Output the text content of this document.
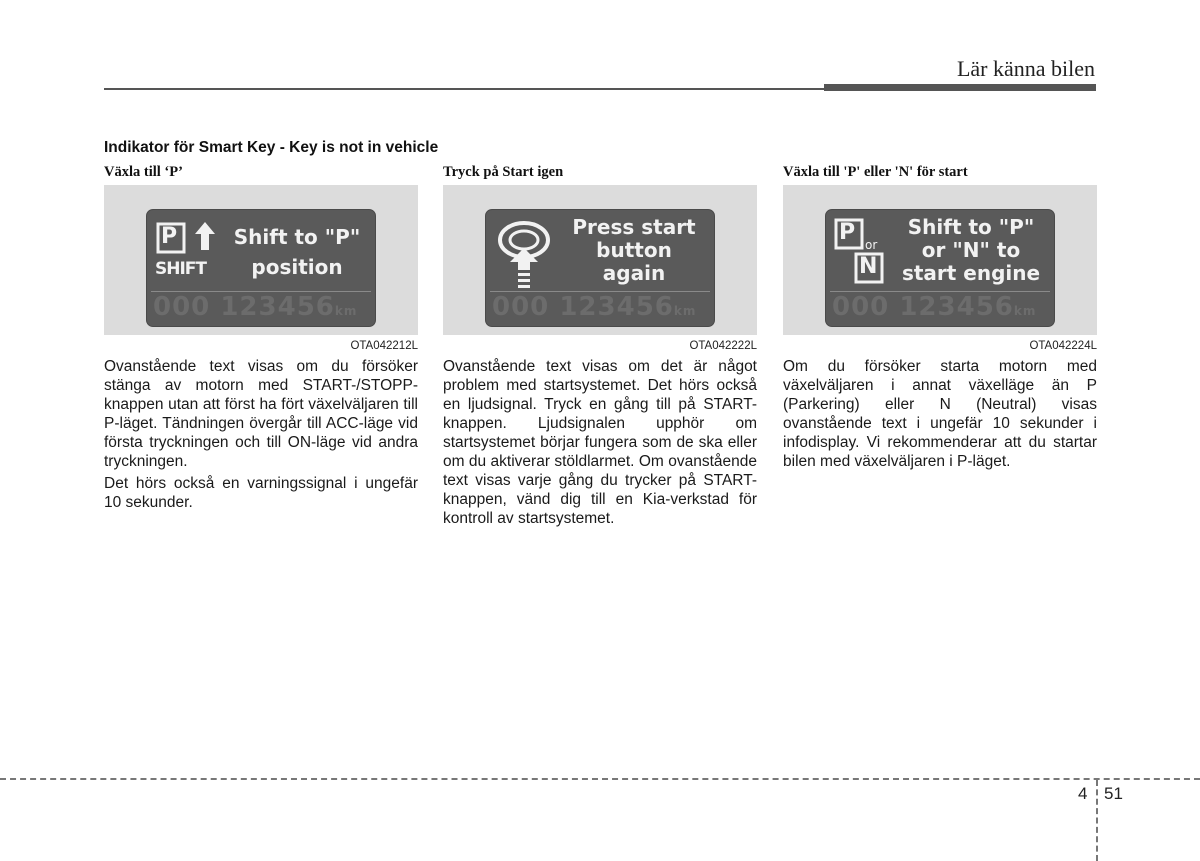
Lär känna bilen
Indikator för Smart Key - Key is not in vehicle
Växla till ‘P’
P
SHIFT
Shift to "P"
position
000 123456km
OTA042212L

Ovanstående text visas om du försöker stänga av motorn med START-/STOPP-knappen utan att först ha fört växelväljaren till P-läget. Tändningen övergår till ACC-läge vid första tryckningen och till ON-läge vid andra tryckningen.

Det hörs också en varningssignal i ungefär 10 sekunder.

Tryck på Start igen
Press start
button
again
000 123456km
OTA042222L

Ovanstående text visas om det är något problem med startsystemet. Det hörs också en ljudsignal. Tryck en gång till på START-knappen. Ljudsignalen upphör om startsystemet börjar fungera som de ska eller om du aktiverar stöldlarmet. Om ovanstående text visas varje gång du trycker på START-knappen, vänd dig till en Kia-verkstad för kontroll av startsystemet.

Växla till 'P' eller 'N' för start
P or
N
Shift to "P"
or "N" to
start engine
000 123456km
OTA042224L

Om du försöker starta motorn med växelväljaren i annat växelläge än P (Parkering) eller N (Neutral) visas ovanstående text i ungefär 10 sekunder i infodisplay. Vi rekommenderar att du startar bilen med växelväljaren i P-läget.

4 51
